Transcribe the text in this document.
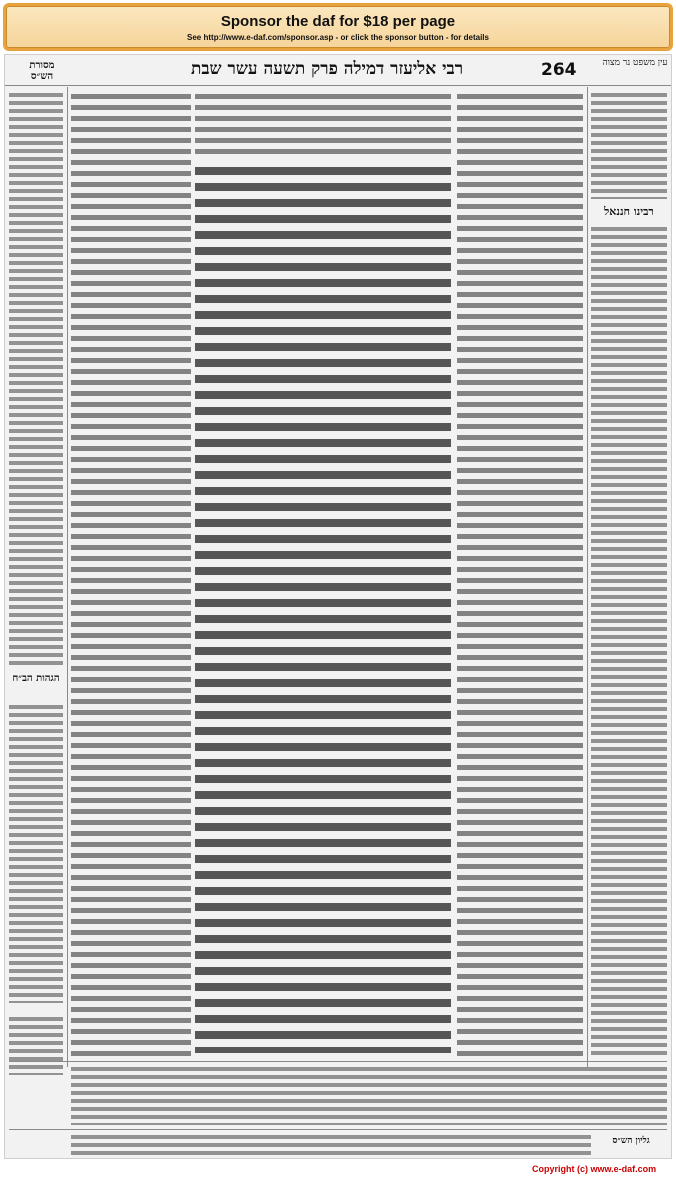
Sponsor the daf for $18 per page
See http://www.e-daf.com/sponsor.asp - or click the sponsor button - for details
מסורת הש״ס	רבי אליעזר דמילה פרק תשעה עשר שבת	264	עין משפט נר מצוה
הגהות הב״ח
רבינו חננאל
גליון הש״ס
Copyright (c) www.e-daf.com
